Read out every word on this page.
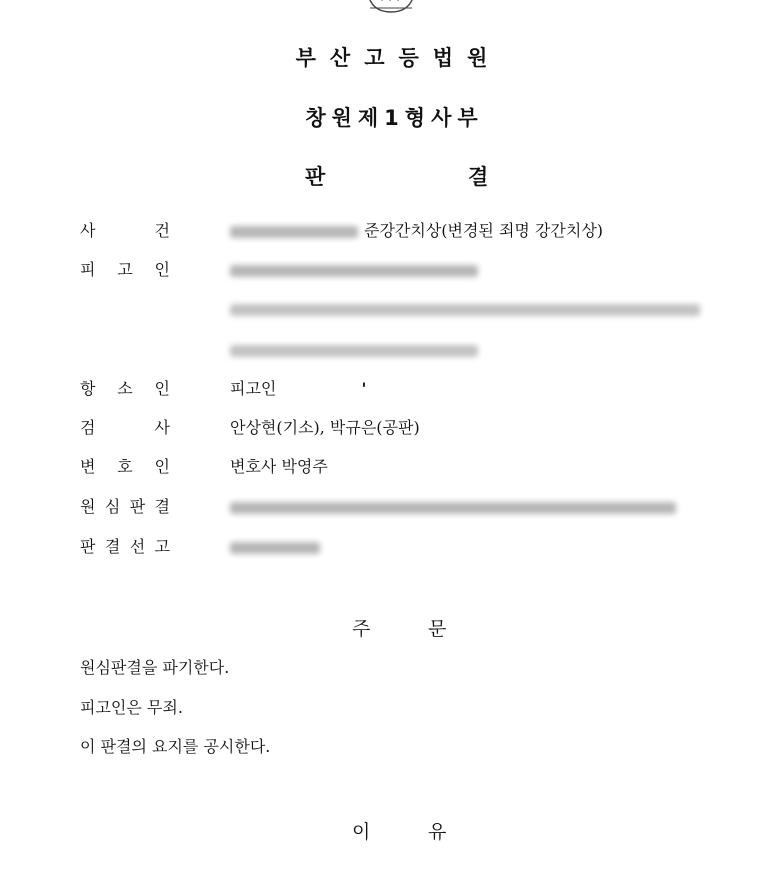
부산고등법원
창원제1형사부
판	결
사	건	준강간치상(변경된 죄명 강간치상)
피 고 인
항 소 인	피고인	'
검	사	안상현(기소), 박규은(공판)
변 호 인	변호사 박영주
원 심 판 결
판 결 선 고
주	문
원심판결을 파기한다.
피고인은 무죄.
이 판결의 요지를 공시한다.
이	유
